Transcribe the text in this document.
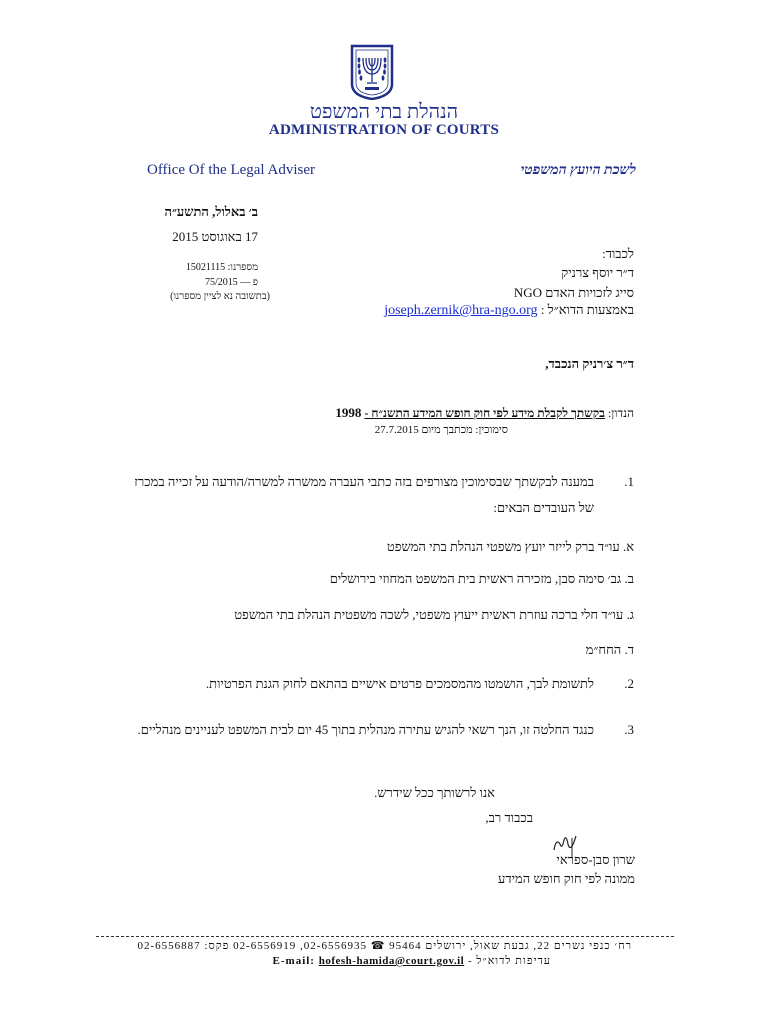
הנהלת בתי המשפט
ADMINISTRATION OF COURTS
Office Of the Legal Adviser	לשכת היועץ המשפטי
ב׳ באלול, התשע״ה
17 באוגוסט 2015
מספרנו: 15021115
פ — 75/2015
(בתשובה נא לציין מספרנו)
לכבוד:
ד״ר יוסף צרניק
סייג לזכויות האדם NGO
באמצעות הדוא״ל : joseph.zernik@hra-ngo.org
ד״ר צ׳רניק הנכבד,
הנדון: בקשתך לקבלת מידע לפי חוק חופש המידע התשנ״ח - 1998
סימוכין: מכתבך מיום 27.7.2015
1.
במענה לבקשתך שבסימוכין מצורפים בזה כתבי העברה ממשרה למשרה/הודעה על זכייה במכרז של העובדים הבאים:
א. עו״ד ברק לייזר יועץ משפטי הנהלת בתי המשפט
ב. גב׳ סימה סבן, מזכירה ראשית בית המשפט המחוזי בירושלים
ג. עו״ד חלי ברכה עוזרת ראשית ייעוץ משפטי, לשכה משפטית הנהלת בתי המשפט
ד. החח״מ
2.
לתשומת לבך, הושמטו מהמסמכים פרטים אישיים בהתאם לחוק הגנת הפרטיות.
3.
כנגד החלטה זו, הנך רשאי להגיש עתירה מנהלית בתוך 45 יום לבית המשפט לעניינים מנהליים.
אנו לרשותך ככל שידרש.
בכבוד רב,
שרון סבן-ספראי
ממונה לפי חוק חופש המידע
רח׳ כנפי נשרים 22, גבעת שאול, ירושלים 95464 ☎ 02-6556935, 02-6556919 פקס: 02-6556887
עדיפות לדוא״ל - E-mail: hofesh-hamida@court.gov.il
